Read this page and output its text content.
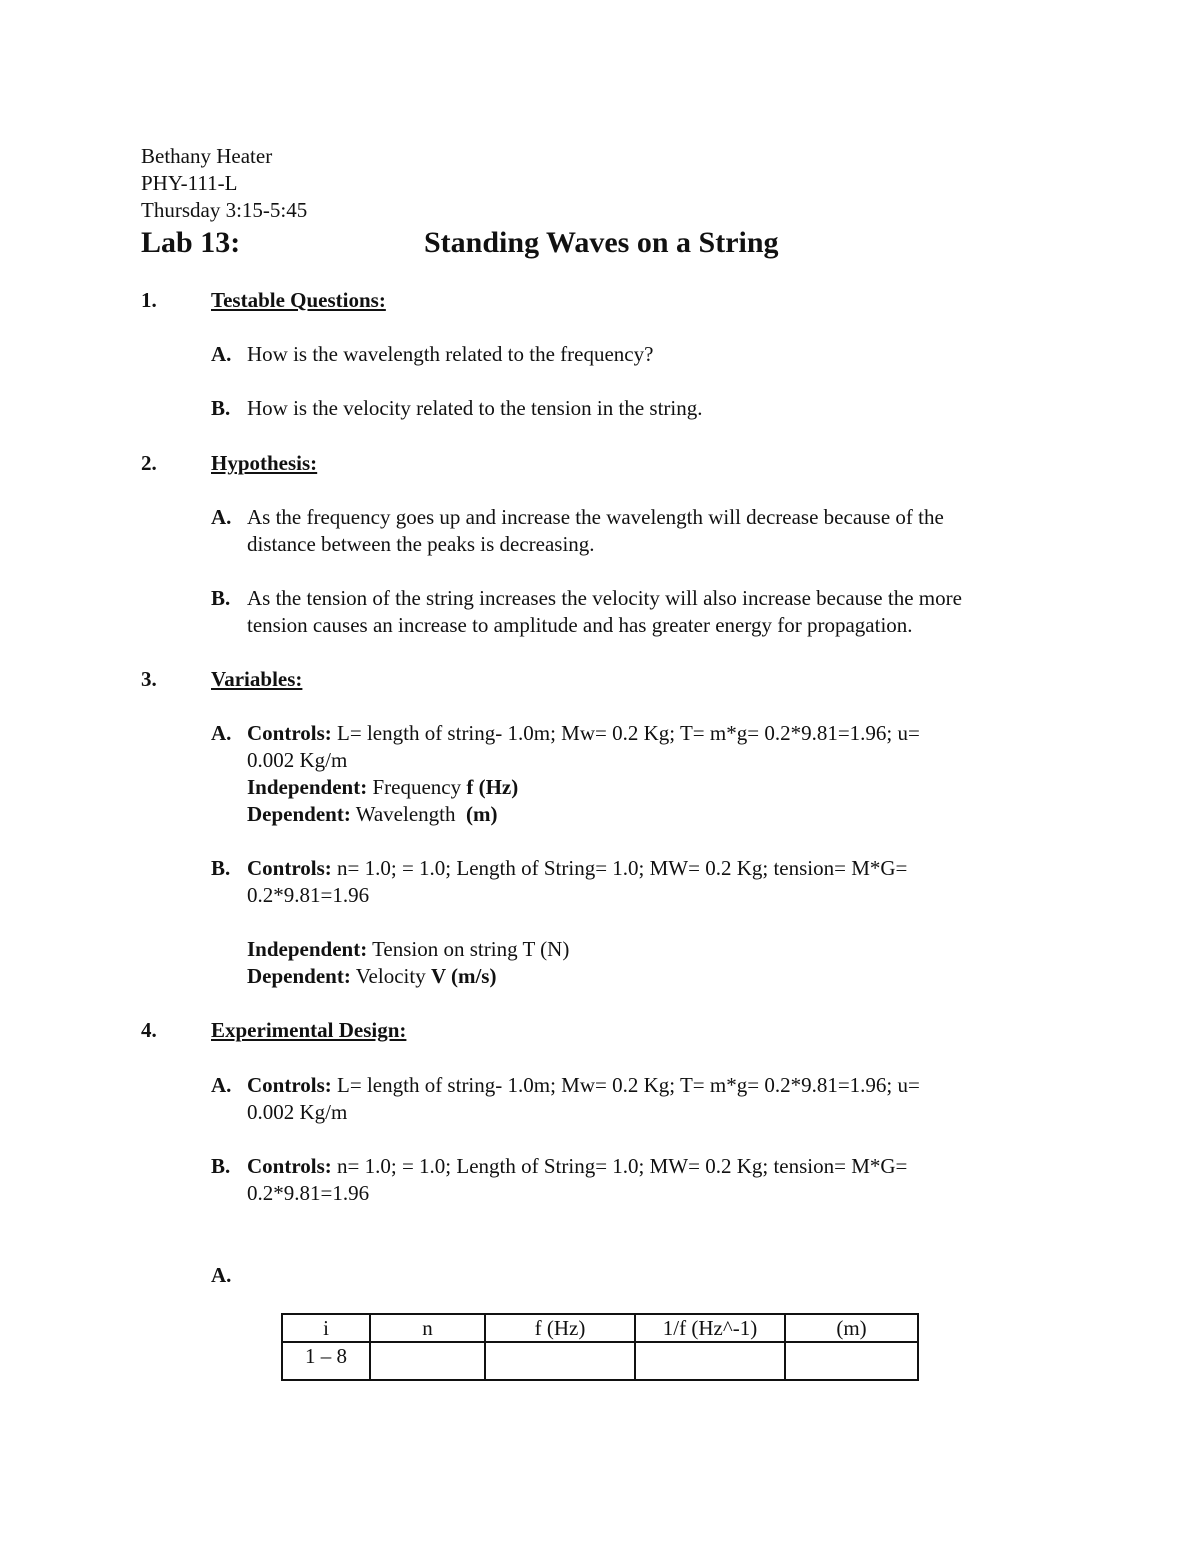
Bethany Heater
PHY-111-L
Thursday 3:15-5:45
Lab 13:	Standing Waves on a String
1.	Testable Questions:
A. How is the wavelength related to the frequency?
B. How is the velocity related to the tension in the string.
2.	Hypothesis:
A. As the frequency goes up and increase the wavelength will decrease because of the
distance between the peaks is decreasing.
B. As the tension of the string increases the velocity will also increase because the more
tension causes an increase to amplitude and has greater energy for propagation.
3.	Variables:
A. Controls: L= length of string- 1.0m; Mw= 0.2 Kg; T= m*g= 0.2*9.81=1.96; u=
0.002 Kg/m
Independent: Frequency f (Hz)
Dependent: Wavelength  (m)
B. Controls: n= 1.0; = 1.0; Length of String= 1.0; MW= 0.2 Kg; tension= M*G=
0.2*9.81=1.96
Independent: Tension on string T (N)
Dependent: Velocity V (m/s)
4.	Experimental Design:
A. Controls: L= length of string- 1.0m; Mw= 0.2 Kg; T= m*g= 0.2*9.81=1.96; u=
0.002 Kg/m
B. Controls: n= 1.0; = 1.0; Length of String= 1.0; MW= 0.2 Kg; tension= M*G=
0.2*9.81=1.96
A.
i	n	f (Hz)	1/f (Hz^-1)	(m)
1 – 8				
